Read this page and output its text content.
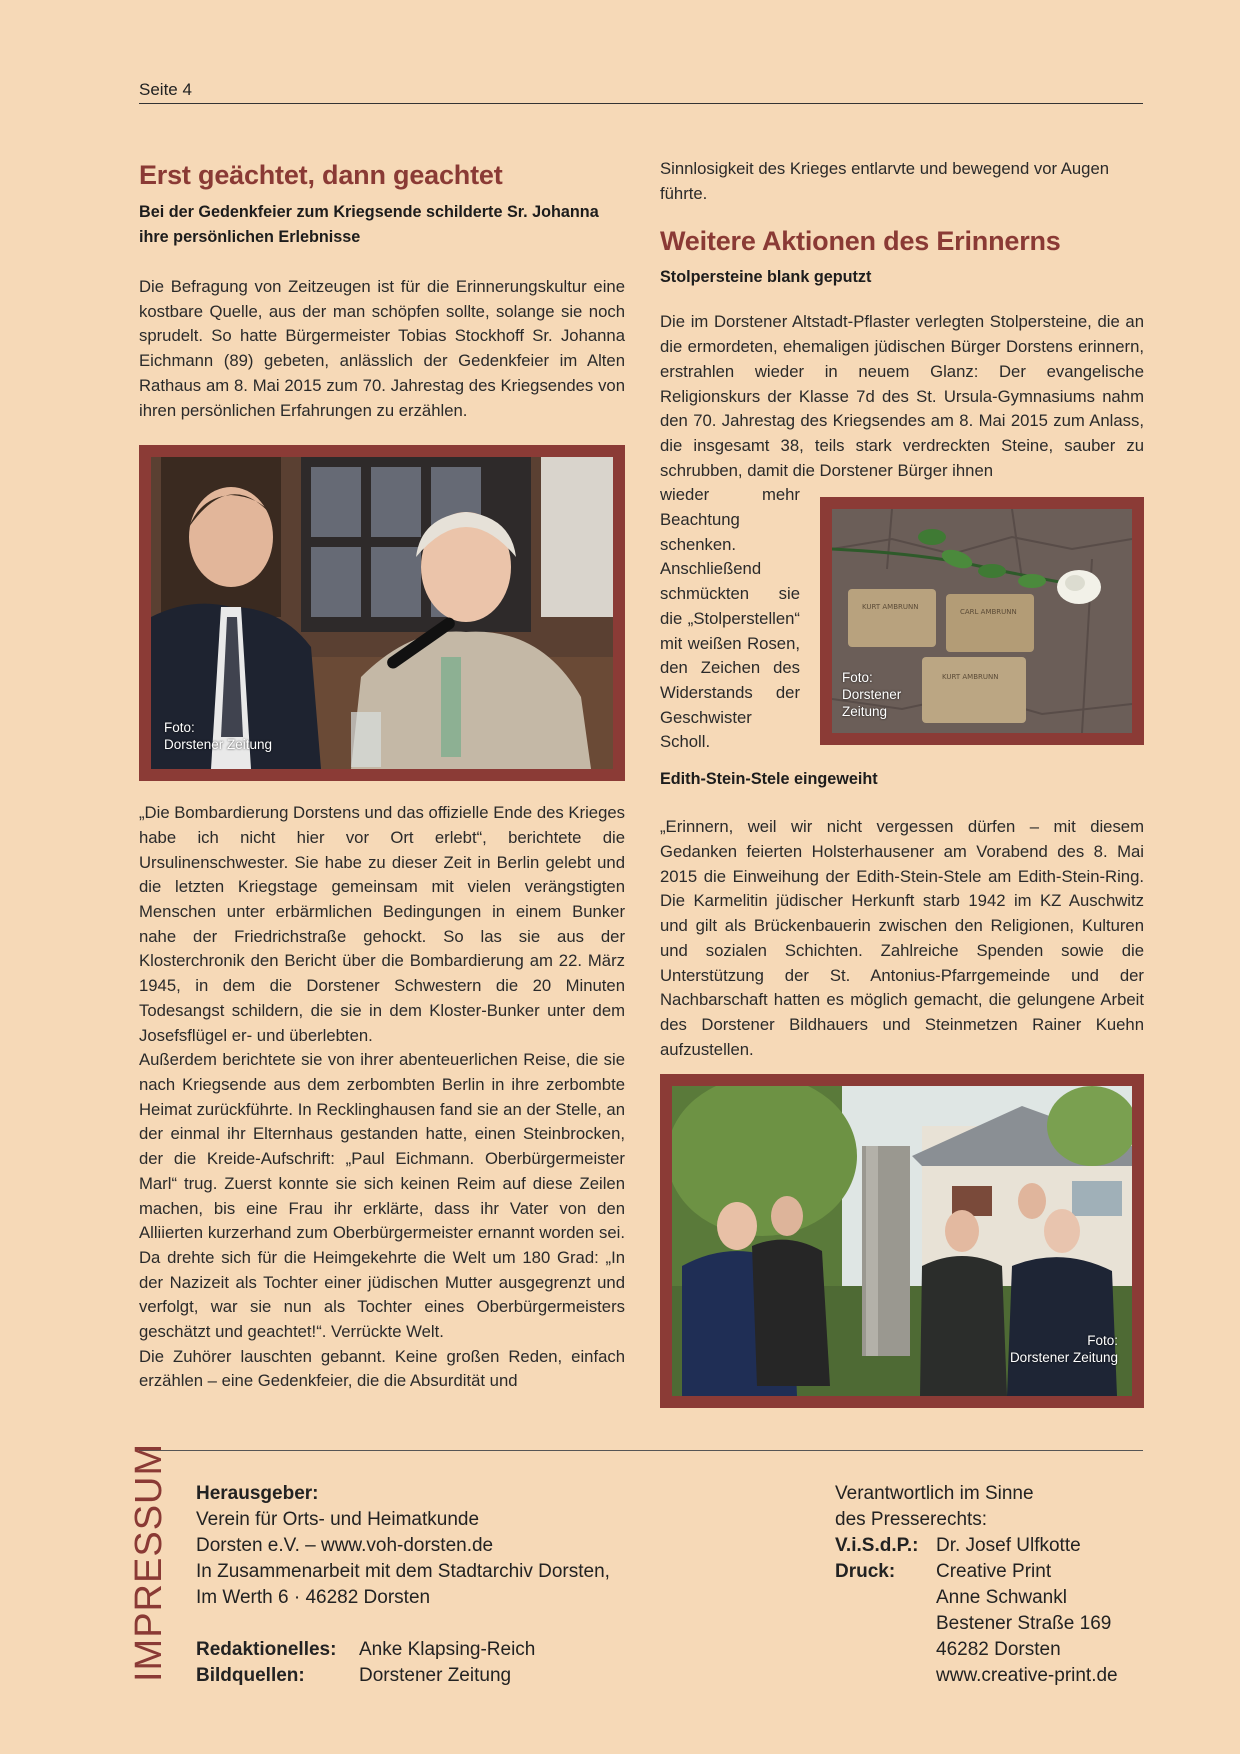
Seite 4
Erst geächtet, dann geachtet
Bei der Gedenkfeier zum Kriegsende schilderte Sr. Johanna ihre persönlichen Erlebnisse

Die Befragung von Zeitzeugen ist für die Erinnerungskultur eine kostbare Quelle, aus der man schöpfen sollte, solange sie noch sprudelt. So hatte Bürgermeister Tobias Stockhoff Sr. Johanna Eichmann (89) gebeten, anlässlich der Gedenkfeier im Alten Rathaus am 8. Mai 2015 zum 70. Jahrestag des Kriegsendes von ihren persönlichen Erfahrungen zu erzählen.

Foto:
Dorstener Zeitung

„Die Bombardierung Dorstens und das offizielle Ende des Krieges habe ich nicht hier vor Ort erlebt“, berichtete die Ursulinenschwester. Sie habe zu dieser Zeit in Berlin gelebt und die letzten Kriegstage gemeinsam mit vielen verängstigten Menschen unter erbärmlichen Bedingungen in einem Bunker nahe der Friedrichstraße gehockt. So las sie aus der Klosterchronik den Bericht über die Bombardierung am 22. März 1945, in dem die Dorstener Schwestern die 20 Minuten Todesangst schildern, die sie in dem Kloster-Bunker unter dem Josefsflügel er- und überlebten.

Außerdem berichtete sie von ihrer abenteuerlichen Reise, die sie nach Kriegsende aus dem zerbombten Berlin in ihre zerbombte Heimat zurückführte. In Recklinghausen fand sie an der Stelle, an der einmal ihr Elternhaus gestanden hatte, einen Steinbrocken, der die Kreide-Aufschrift: „Paul Eichmann. Oberbürgermeister Marl“ trug. Zuerst konnte sie sich keinen Reim auf diese Zeilen machen, bis eine Frau ihr erklärte, dass ihr Vater von den Alliierten kurzerhand zum Oberbürgermeister ernannt worden sei. Da drehte sich für die Heimgekehrte die Welt um 180 Grad: „In der Nazizeit als Tochter einer jüdischen Mutter ausgegrenzt und verfolgt, war sie nun als Tochter eines Oberbürgermeisters geschätzt und geachtet!“. Verrückte Welt.

Die Zuhörer lauschten gebannt. Keine großen Reden, einfach erzählen – eine Gedenkfeier, die die Absurdität und

Sinnlosigkeit des Krieges entlarvte und bewegend vor Augen führte.

Weitere Aktionen des Erinnerns
Stolpersteine blank geputzt

Die im Dorstener Altstadt-Pflaster verlegten Stolpersteine, die an die ermordeten, ehemaligen jüdischen Bürger Dorstens erinnern, erstrahlen wieder in neuem Glanz: Der evangelische Religionskurs der Klasse 7d des St. Ursula-Gymnasiums nahm den 70. Jahrestag des Kriegsendes am 8. Mai 2015 zum Anlass, die insgesamt 38, teils stark verdreckten Steine, sauber zu schrubben, damit die Dorstener Bürger ihnen

wieder mehr Beachtung schenken. Anschließend schmückten sie die „Stolperstellen“ mit weißen Rosen, den Zeichen des Widerstands der Geschwister Scholl.

KURT AMBRUNN
CARL AMBRUNN
KURT AMBRUNN
Foto:
Dorstener
Zeitung
Edith-Stein-Stele eingeweiht

„Erinnern, weil wir nicht vergessen dürfen – mit diesem Gedanken feierten Holsterhausener am Vorabend des 8. Mai 2015 die Einweihung der Edith-Stein-Stele am Edith-Stein-Ring. Die Karmelitin jüdischer Herkunft starb 1942 im KZ Auschwitz und gilt als Brückenbauerin zwischen den Religionen, Kulturen und sozialen Schichten. Zahlreiche Spenden sowie die Unterstützung der St. Antonius-Pfarrgemeinde und der Nachbarschaft hatten es möglich gemacht, die gelungene Arbeit des Dorstener Bildhauers und Steinmetzen Rainer Kuehn aufzustellen.

Foto:
Dorstener Zeitung
IMPRESSUM Herausgeber:
Verein für Orts- und Heimatkunde
Dorsten e.V. – www.voh-dorsten.de
In Zusammenarbeit mit dem Stadtarchiv Dorsten,
Im Werth 6 · 46282 Dorsten
Redaktionelles:	Anke Klapsing-Reich
Bildquellen:	Dorstener Zeitung
Verantwortlich im Sinne
des Presserechts:
V.i.S.d.P.: Dr. Josef Ulfkotte
Druck:	Creative Print
Anne Schwankl
Bestener Straße 169
46282 Dorsten
www.creative-print.de
